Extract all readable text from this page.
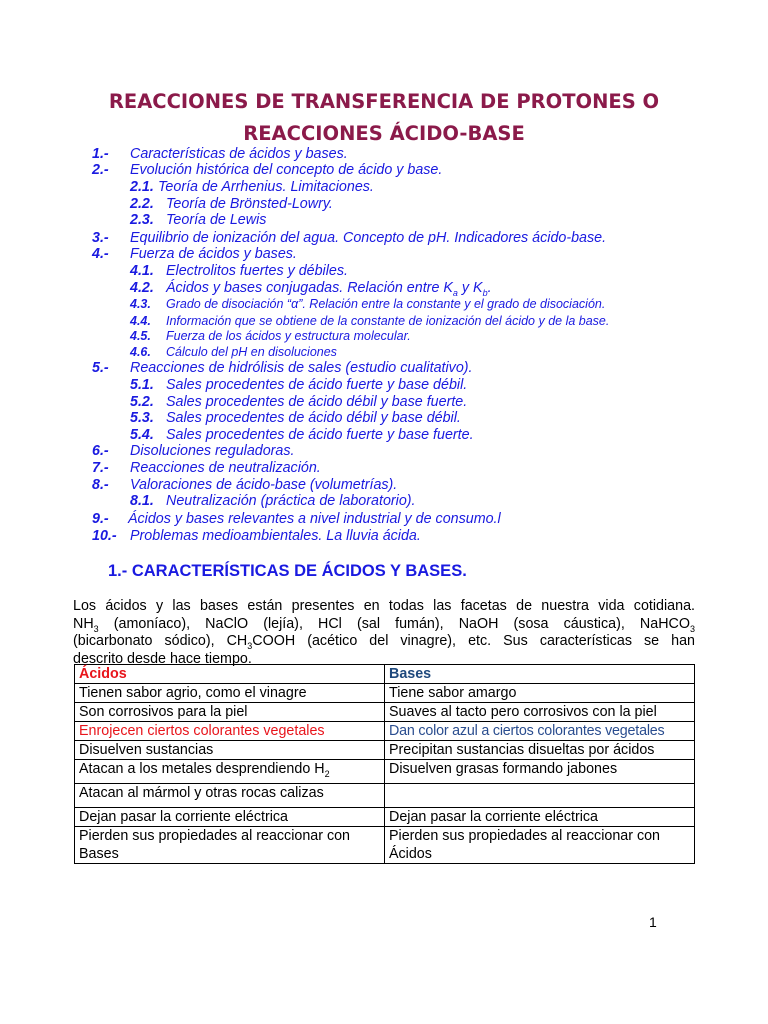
REACCIONES DE TRANSFERENCIA DE PROTONES O
REACCIONES ÁCIDO-BASE
1.- Características de ácidos y bases.
2.- Evolución histórica del concepto de ácido y base.
2.1. Teoría de Arrhenius. Limitaciones.
2.2. Teoría de Brönsted-Lowry.
2.3. Teoría de Lewis
3.- Equilibrio de ionización del agua. Concepto de pH. Indicadores ácido-base.
4.- Fuerza de ácidos y bases.
4.1. Electrolitos fuertes y débiles.
4.2. Ácidos y bases conjugadas. Relación entre $K_a$ y $K_b$.
4.3. Grado de disociación “α”. Relación entre la constante y el grado de disociación.
4.4. Información que se obtiene de la constante de ionización del ácido y de la base.
4.5. Fuerza de los ácidos y estructura molecular.
4.6. Cálculo del pH en disoluciones
5.- Reacciones de hidrólisis de sales (estudio cualitativo).
5.1. Sales procedentes de ácido fuerte y base débil.
5.2. Sales procedentes de ácido débil y base fuerte.
5.3. Sales procedentes de ácido débil y base débil.
5.4. Sales procedentes de ácido fuerte y base fuerte.
6.- Disoluciones reguladoras.
7.- Reacciones de neutralización.
8.- Valoraciones de ácido-base (volumetrías).
8.1. Neutralización (práctica de laboratorio).
9.- Ácidos y bases relevantes a nivel industrial y de consumo.l
10.- Problemas medioambientales. La lluvia ácida.
1.- CARACTERÍSTICAS DE ÁCIDOS Y BASES.
Los ácidos y las bases están presentes en todas las facetas de nuestra vida cotidiana.
$NH_3$ (amoníaco), NaClO (lejía), HCl (sal fumán), NaOH (sosa cáustica), NaHCO$_3$
(bicarbonato sódico), $CH_3COOH$ (acético del vinagre), etc. Sus características se han
descrito desde hace tiempo.
Ácidos	Bases
Tienen sabor agrio, como el vinagre	Tiene sabor amargo
Son corrosivos para la piel	Suaves al tacto pero corrosivos con la piel
Enrojecen ciertos colorantes vegetales	Dan color azul a ciertos colorantes vegetales
Disuelven sustancias	Precipitan sustancias disueltas por ácidos
Atacan a los metales desprendiendo $H_2$	Disuelven grasas formando jabones
Atacan al mármol y otras rocas calizas	
Dejan pasar la corriente eléctrica	Dejan pasar la corriente eléctrica
Pierden sus propiedades al reaccionar con Bases	Pierden sus propiedades al reaccionar con Ácidos
1
